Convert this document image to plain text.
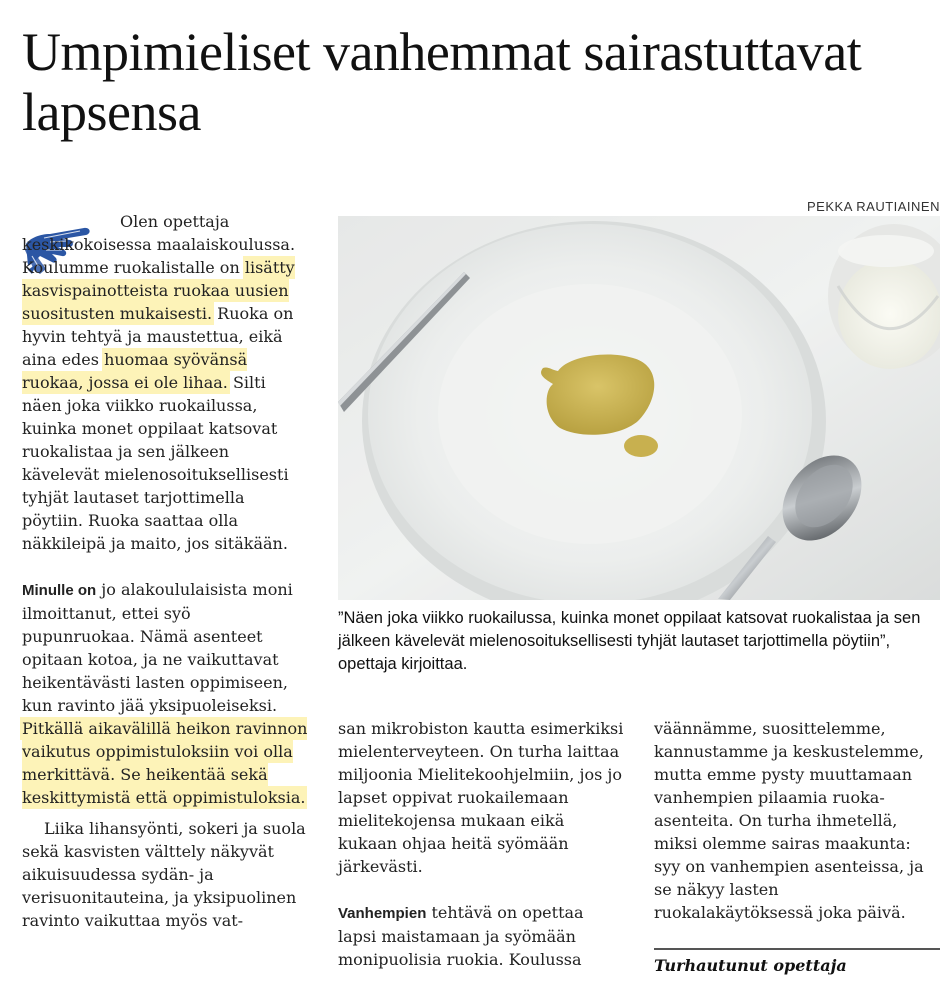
Umpimieliset vanhemmat sairastuttavat lapsensa
PEKKA RAUTIAINEN

”Näen joka viikko ruokailussa, kuinka monet oppilaat katsovat ruokalistaa ja sen jälkeen kävelevät mielenosoituksellisesti tyhjät lautaset tarjottimella pöytiin”, opettaja kirjoittaa.

Olen opettaja keskikokoisessa maalaiskoulussa. Koulumme ruokalistalle on lisätty kasvispainotteista ruokaa uusien suositusten mukaisesti. Ruoka on hyvin tehtyä ja maustettua, eikä aina edes huomaa syövänsä ruokaa, jossa ei ole lihaa. Silti näen joka viikko ruokailussa, kuinka monet oppilaat katsovat ruokalistaa ja sen jälkeen kävelevät mielenosoituksellisesti tyhjät lautaset tarjottimella pöytiin. Ruoka saattaa olla näkkileipä ja maito, jos sitäkään.

Minulle on jo alakoululaisista moni ilmoittanut, ettei syö pupunruokaa. Nämä asenteet opitaan kotoa, ja ne vaikuttavat heikentävästi lasten oppimiseen, kun ravinto jää yksipuoleiseksi. Pitkällä aikavälillä heikon ravinnon vaikutus oppimistuloksiin voi olla merkittävä. Se heikentää sekä keskittymistä että oppimistuloksia.

Liika lihansyönti, sokeri ja suola sekä kasvisten välttely näkyvät aikuisuudessa sydän- ja verisuonitauteina, ja yksipuolinen ravinto vaikuttaa myös vat-

san mikrobiston kautta esimerkiksi mielenterveyteen. On turha laittaa miljoonia Mielitekoohjelmiin, jos jo lapset oppivat ruokailemaan mielitekojensa mukaan eikä kukaan ohjaa heitä syömään järkevästi.

Vanhempien tehtävä on opettaa lapsi maistamaan ja syömään monipuolisia ruokia. Koulussa

väännämme, suosittelemme, kannustamme ja keskustelemme, mutta emme pysty muuttamaan vanhempien pilaamia ruoka-asenteita. On turha ihmetellä, miksi olemme sairas maakunta: syy on vanhempien asenteissa, ja se näkyy lasten ruokalakäytöksessä joka päivä.

Turhautunut opettaja
